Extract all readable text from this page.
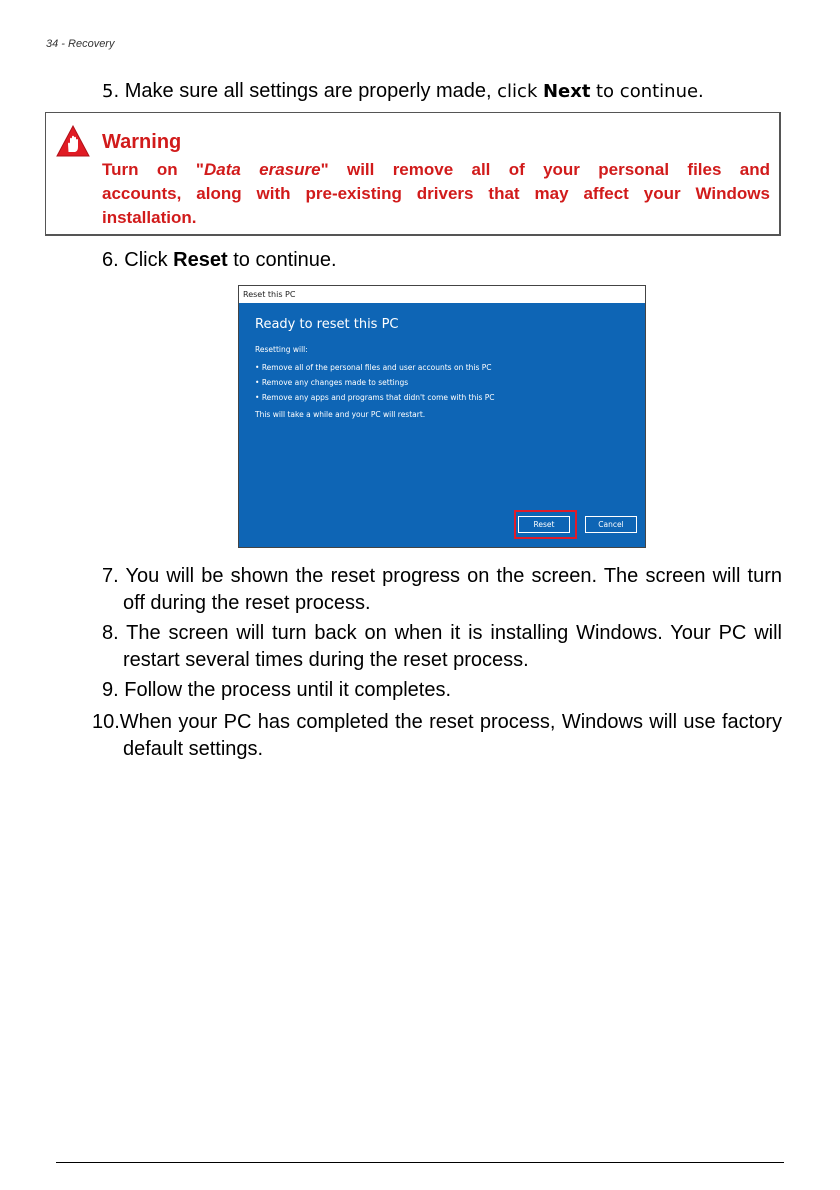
34 - Recovery
5. Make sure all settings are properly made, click Next to continue.
Warning
Turn on "Data erasure" will remove all of your personal files and
accounts, along with pre-existing drivers that may affect your Windows installation.
6. Click Reset to continue.
Reset this PC
Ready to reset this PC
Resetting will:
• Remove all of the personal files and user accounts on this PC
• Remove any changes made to settings
• Remove any apps and programs that didn't come with this PC
This will take a while and your PC will restart.
Reset	Cancel
7. You will be shown the reset progress on the screen. The screen will turn off during the reset process.
8. The screen will turn back on when it is installing Windows. Your PC will restart several times during the reset process.
9. Follow the process until it completes.
10.When your PC has completed the reset process, Windows will use factory default settings.
